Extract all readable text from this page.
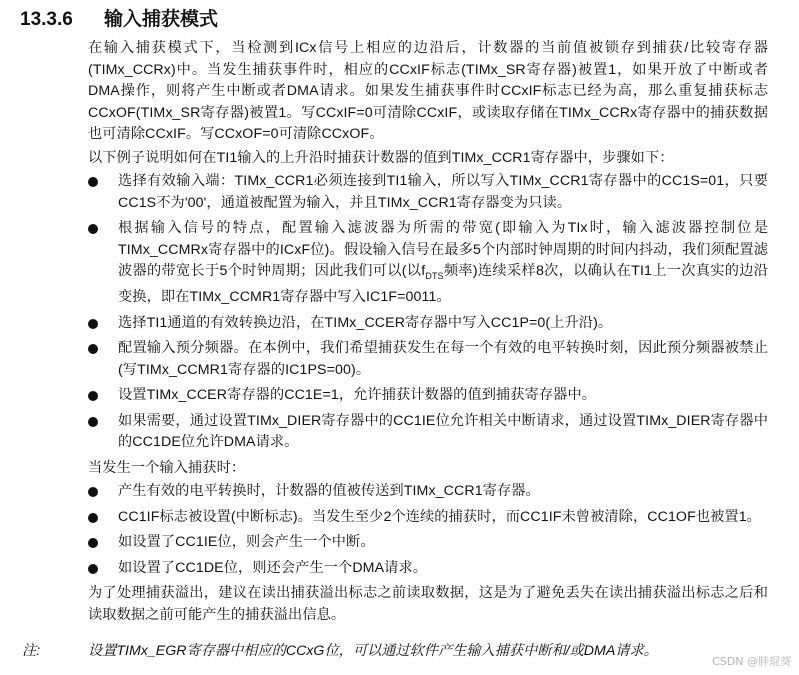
13.3.6	输入捕获模式

在输入捕获模式下，当检测到ICx信号上相应的边沿后，计数器的当前值被锁存到捕获/比较寄存器(TIMx_CCRx)中。当发生捕获事件时，相应的CCxIF标志(TIMx_SR寄存器)被置1，如果开放了中断或者DMA操作，则将产生中断或者DMA请求。如果发生捕获事件时CCxIF标志已经为高，那么重复捕获标志CCxOF(TIMx_SR寄存器)被置1。写CCxIF=0可清除CCxIF，或读取存储在TIMx_CCRx寄存器中的捕获数据也可清除CCxIF。写CCxOF=0可清除CCxOF。

以下例子说明如何在TI1输入的上升沿时捕获计数器的值到TIMx_CCR1寄存器中，步骤如下：

选择有效输入端：TIMx_CCR1必须连接到TI1输入，所以写入TIMx_CCR1寄存器中的CC1S=01，只要CC1S不为'00'，通道被配置为输入，并且TIMx_CCR1寄存器变为只读。
根据输入信号的特点，配置输入滤波器为所需的带宽(即输入为TIx时，输入滤波器控制位是TIMx_CCMRx寄存器中的ICxF位)。假设输入信号在最多5个内部时钟周期的时间内抖动，我们须配置滤波器的带宽长于5个时钟周期；因此我们可以(以$f_{DTS}$频率)连续采样8次，以确认在TI1上一次真实的边沿变换，即在TIMx_CCMR1寄存器中写入IC1F=0011。
选择TI1通道的有效转换边沿，在TIMx_CCER寄存器中写入CC1P=0(上升沿)。
配置输入预分频器。在本例中，我们希望捕获发生在每一个有效的电平转换时刻，因此预分频器被禁止(写TIMx_CCMR1寄存器的IC1PS=00)。
设置TIMx_CCER寄存器的CC1E=1，允许捕获计数器的值到捕获寄存器中。
如果需要，通过设置TIMx_DIER寄存器中的CC1IE位允许相关中断请求，通过设置TIMx_DIER寄存器中的CC1DE位允许DMA请求。

当发生一个输入捕获时：

产生有效的电平转换时，计数器的值被传送到TIMx_CCR1寄存器。
CC1IF标志被设置(中断标志)。当发生至少2个连续的捕获时，而CC1IF未曾被清除，CC1OF也被置1。
如设置了CC1IE位，则会产生一个中断。
如设置了CC1DE位，则还会产生一个DMA请求。

为了处理捕获溢出，建议在读出捕获溢出标志之前读取数据，这是为了避免丢失在读出捕获溢出标志之后和读取数据之前可能产生的捕获溢出信息。

注:	设置TIMx_EGR寄存器中相应的CCxG位，可以通过软件产生输入捕获中断和/或DMA请求。
CSDN @胖琨葵
